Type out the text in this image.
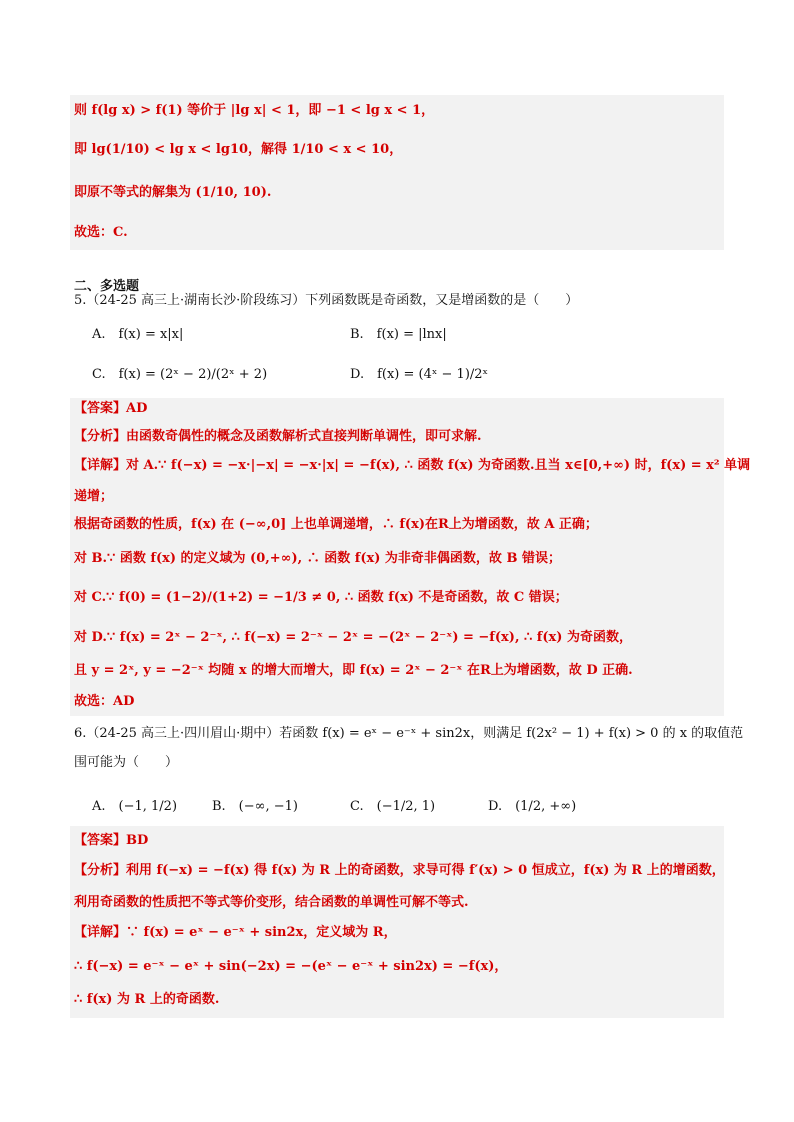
则 f(lg x) > f(1) 等价于 |lg x| < 1，即 −1 < lg x < 1，
即 lg(1/10) < lg x < lg10，解得 1/10 < x < 10，
即原不等式的解集为 (1/10, 10).
故选：C.
二、多选题
5.（24-25 高三上·湖南长沙·阶段练习）下列函数既是奇函数，又是增函数的是（　　）
A.　f(x) = x|x|	B.　f(x) = |lnx|
C.　f(x) = (2ˣ − 2)/(2ˣ + 2)	D.　f(x) = (4ˣ − 1)/2ˣ
【答案】AD
【分析】由函数奇偶性的概念及函数解析式直接判断单调性，即可求解.
【详解】对 A.∵ f(−x) = −x·|−x| = −x·|x| = −f(x), ∴ 函数 f(x) 为奇函数.且当 x∈[0,+∞) 时，f(x) = x² 单调
递增；
根据奇函数的性质，f(x) 在 (−∞,0] 上也单调递增，∴ f(x)在R上为增函数，故 A 正确；
对 B.∵ 函数 f(x) 的定义域为 (0,+∞), ∴ 函数 f(x) 为非奇非偶函数，故 B 错误；
对 C.∵ f(0) = (1−2)/(1+2) = −1/3 ≠ 0, ∴ 函数 f(x) 不是奇函数，故 C 错误；
对 D.∵ f(x) = 2ˣ − 2⁻ˣ, ∴ f(−x) = 2⁻ˣ − 2ˣ = −(2ˣ − 2⁻ˣ) = −f(x), ∴ f(x) 为奇函数，
且 y = 2ˣ, y = −2⁻ˣ 均随 x 的增大而增大，即 f(x) = 2ˣ − 2⁻ˣ 在R上为增函数，故 D 正确.
故选：AD
6.（24-25 高三上·四川眉山·期中）若函数 f(x) = eˣ − e⁻ˣ + sin2x，则满足 f(2x² − 1) + f(x) > 0 的 x 的取值范
围可能为（　　）
A.　(−1, 1/2)	B.　(−∞, −1)	C.　(−1/2, 1)	D.　(1/2, +∞)
【答案】BD
【分析】利用 f(−x) = −f(x) 得 f(x) 为 R 上的奇函数，求导可得 f′(x) > 0 恒成立，f(x) 为 R 上的增函数，
利用奇函数的性质把不等式等价变形，结合函数的单调性可解不等式.
【详解】∵ f(x) = eˣ − e⁻ˣ + sin2x，定义域为 R，
∴ f(−x) = e⁻ˣ − eˣ + sin(−2x) = −(eˣ − e⁻ˣ + sin2x) = −f(x)，
∴ f(x) 为 R 上的奇函数.
